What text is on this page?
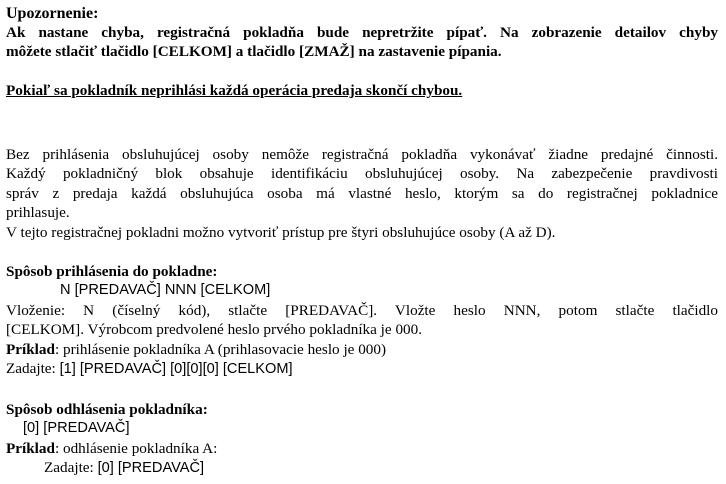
Upozornenie:
Ak nastane chyba, registračná pokladňa bude nepretržite pípať. Na zobrazenie detailov chyby
môžete stlačiť tlačidlo [CELKOM] a tlačidlo [ZMAŽ] na zastavenie pípania.
Pokiaľ sa pokladník neprihlási každá operácia predaja skončí chybou.
Bez prihlásenia obsluhujúcej osoby nemôže registračná pokladňa vykonávať žiadne predajné činnosti.
Každý pokladničný blok obsahuje identifikáciu obsluhujúcej osoby. Na zabezpečenie pravdivosti
správ z predaja každá obsluhujúca osoba má vlastné heslo, ktorým sa do registračnej pokladnice
prihlasuje.
V tejto registračnej pokladni možno vytvoriť prístup pre štyri obsluhujúce osoby (A až D).
Spôsob prihlásenia do pokladne:
N [PREDAVAČ] NNN [CELKOM]
Vloženie: N (číselný kód), stlačte [PREDAVAČ]. Vložte heslo NNN, potom stlačte tlačidlo
[CELKOM]. Výrobcom predvolené heslo prvého pokladníka je 000.
Príklad: prihlásenie pokladníka A (prihlasovacie heslo je 000)
Zadajte: [1] [PREDAVAČ] [0][0][0] [CELKOM]
Spôsob odhlásenia pokladníka:
[0] [PREDAVAČ]
Príklad: odhlásenie pokladníka A:
Zadajte: [0] [PREDAVAČ]
